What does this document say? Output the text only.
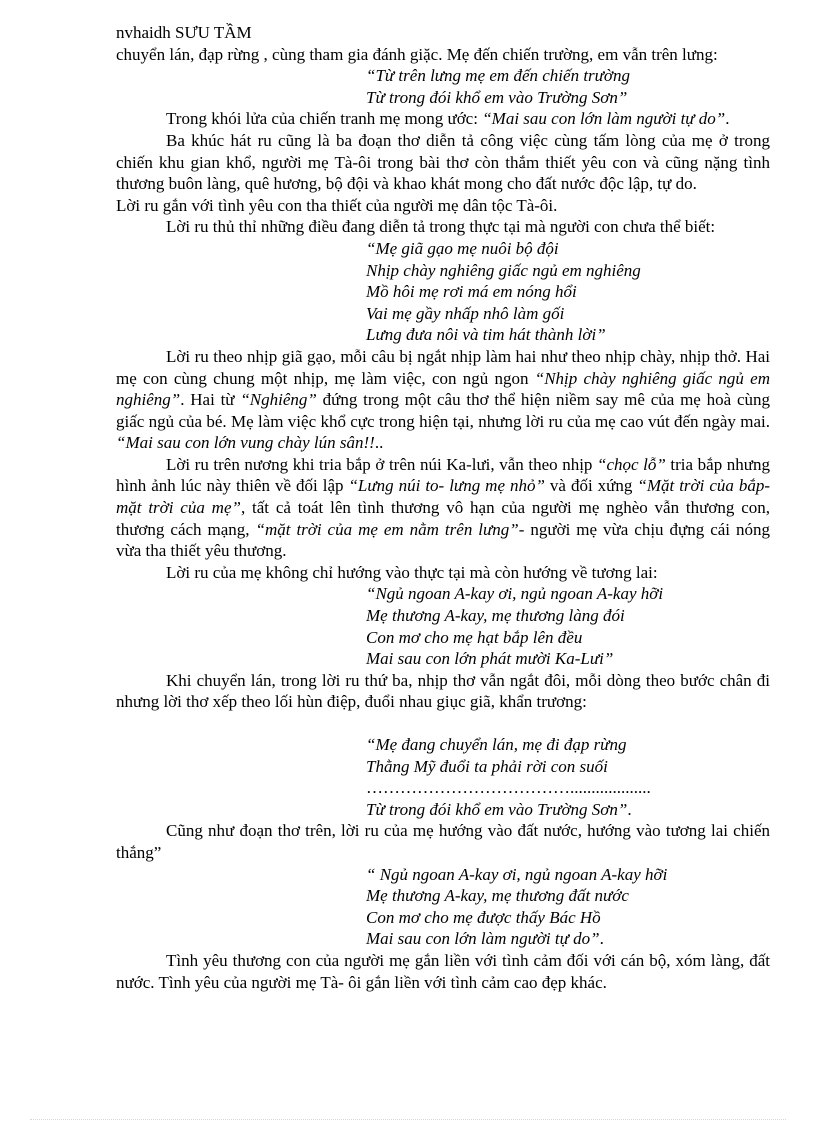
nvhaidh SƯU TẦM

chuyển lán, đạp rừng , cùng tham gia đánh giặc. Mẹ đến chiến trường, em vẫn trên lưng:

“Từ trên lưng mẹ em đến chiến trường
Từ trong đói khổ em vào Trường Sơn”

Trong khói lửa của chiến tranh mẹ mong ước: “Mai sau con lớn làm người tự do”.

Ba khúc hát ru cũng là ba đoạn thơ diễn tả công việc cùng tấm lòng của mẹ ở trong chiến khu gian khổ, người mẹ Tà-ôi trong bài thơ còn thắm thiết yêu con và cũng nặng tình thương buôn làng, quê hương, bộ đội và khao khát mong cho đất nước độc lập, tự do.

Lời ru gắn với tình yêu con tha thiết của người mẹ dân tộc Tà-ôi.

Lời ru thủ thỉ những điều đang diễn tả trong thực tại mà người con chưa thể biết:

“Mẹ giã gạo mẹ nuôi bộ đội
Nhịp chày nghiêng giấc ngủ em nghiêng
Mồ hôi mẹ rơi má em nóng hổi
Vai mẹ gầy nhấp nhô làm gối
Lưng đưa nôi và tim hát thành lời”

Lời ru theo nhịp giã gạo, mỗi câu bị ngắt nhịp làm hai như theo nhịp chày, nhịp thở. Hai mẹ con cùng chung một nhịp, mẹ làm việc, con ngủ ngon “Nhịp chày nghiêng giấc ngủ em nghiêng”. Hai từ “Nghiêng” đứng trong một câu thơ thể hiện niềm say mê của mẹ hoà cùng giấc ngủ của bé. Mẹ làm việc khổ cực trong hiện tại, nhưng lời ru của mẹ cao vút đến ngày mai. “Mai sau con lớn vung chày lún sân!!..

Lời ru trên nương khi tria bắp ở trên núi Ka-lưi, vẫn theo nhịp “chọc lỗ” tria bắp nhưng hình ảnh lúc này thiên về đối lập “Lưng núi to- lưng mẹ nhỏ” và đối xứng “Mặt trời của bắp- mặt trời của mẹ”, tất cả toát lên tình thương vô hạn của người mẹ nghèo vẫn thương con, thương cách mạng, “mặt trời của mẹ em nằm trên lưng”- người mẹ vừa chịu đựng cái nóng vừa tha thiết yêu thương.

Lời ru của mẹ không chỉ hướng vào thực tại mà còn hướng về tương lai:

“Ngủ ngoan A-kay ơi, ngủ ngoan A-kay hỡi
Mẹ thương A-kay, mẹ thương làng đói
Con mơ cho mẹ hạt bắp lên đều
Mai sau con lớn phát mười Ka-Lưi”

Khi chuyển lán, trong lời ru thứ ba, nhịp thơ vẫn ngắt đôi, mỗi dòng theo bước chân đi nhưng lời thơ xếp theo lối hùn điệp, đuổi nhau giục giã, khẩn trương:

“Mẹ đang chuyển lán, mẹ đi đạp rừng
Thằng Mỹ đuổi ta phải rời con suối
………………………………...................
Từ trong đói khổ em vào Trường Sơn”.

Cũng như đoạn thơ trên, lời ru của mẹ hướng vào đất nước, hướng vào tương lai chiến thắng”

“ Ngủ ngoan A-kay ơi, ngủ ngoan A-kay hỡi
Mẹ thương A-kay, mẹ thương đất nước
Con mơ cho mẹ được thấy Bác Hồ
Mai sau con lớn làm người tự do”.

Tình yêu thương con của người mẹ gắn liền với tình cảm đối với cán bộ, xóm làng, đất nước. Tình yêu của người mẹ Tà- ôi gắn liền với tình cảm cao đẹp khác.
